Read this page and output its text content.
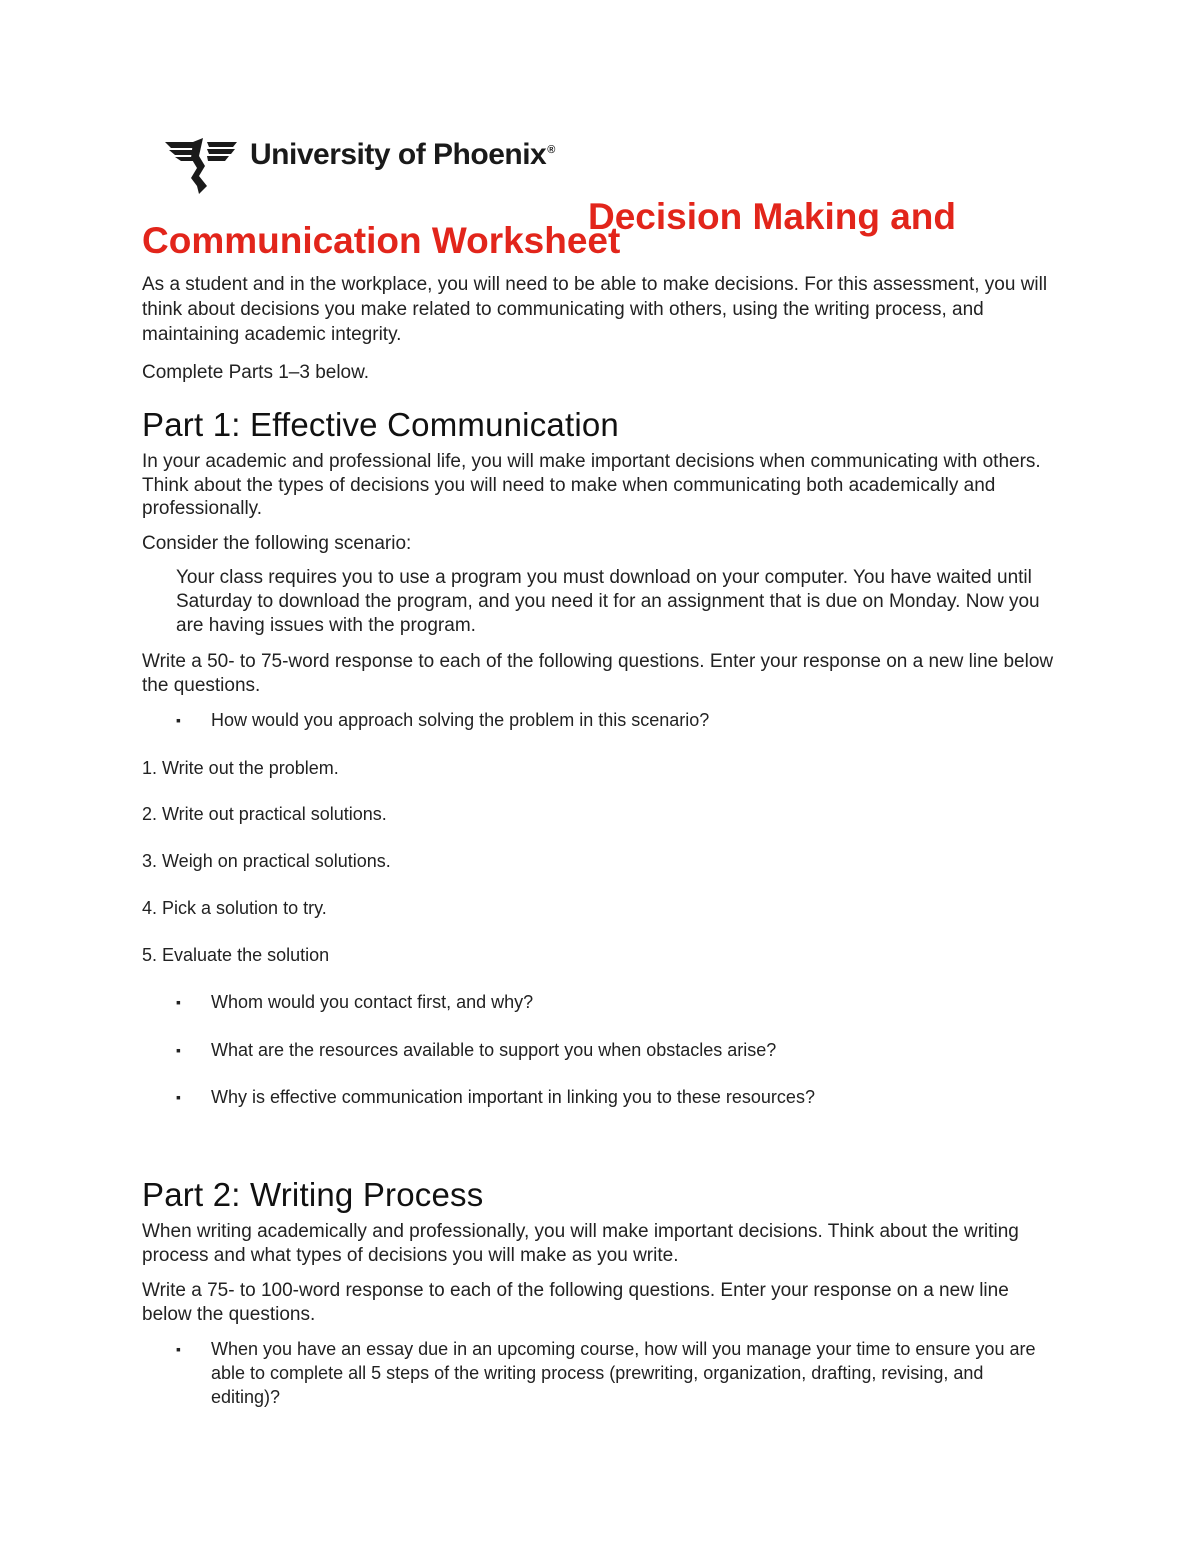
University of Phoenix®
Decision Making and
Communication Worksheet
As a student and in the workplace, you will need to be able to make decisions. For this assessment, you will think about decisions you make related to communicating with others, using the writing process, and maintaining academic integrity.
Complete Parts 1–3 below.
Part 1: Effective Communication
In your academic and professional life, you will make important decisions when communicating with others. Think about the types of decisions you will need to make when communicating both academically and professionally.
Consider the following scenario:
Your class requires you to use a program you must download on your computer. You have waited until Saturday to download the program, and you need it for an assignment that is due on Monday. Now you are having issues with the program.
Write a 50- to 75-word response to each of the following questions. Enter your response on a new line below the questions.
▪	How would you approach solving the problem in this scenario?
1. Write out the problem.
2. Write out practical solutions.
3. Weigh on practical solutions.
4. Pick a solution to try.
5. Evaluate the solution
▪	Whom would you contact first, and why?
▪	What are the resources available to support you when obstacles arise?
▪	Why is effective communication important in linking you to these resources?
Part 2: Writing Process
When writing academically and professionally, you will make important decisions. Think about the writing process and what types of decisions you will make as you write.
Write a 75- to 100-word response to each of the following questions. Enter your response on a new line below the questions.
▪	When you have an essay due in an upcoming course, how will you manage your time to ensure you are able to complete all 5 steps of the writing process (prewriting, organization, drafting, revising, and editing)?
